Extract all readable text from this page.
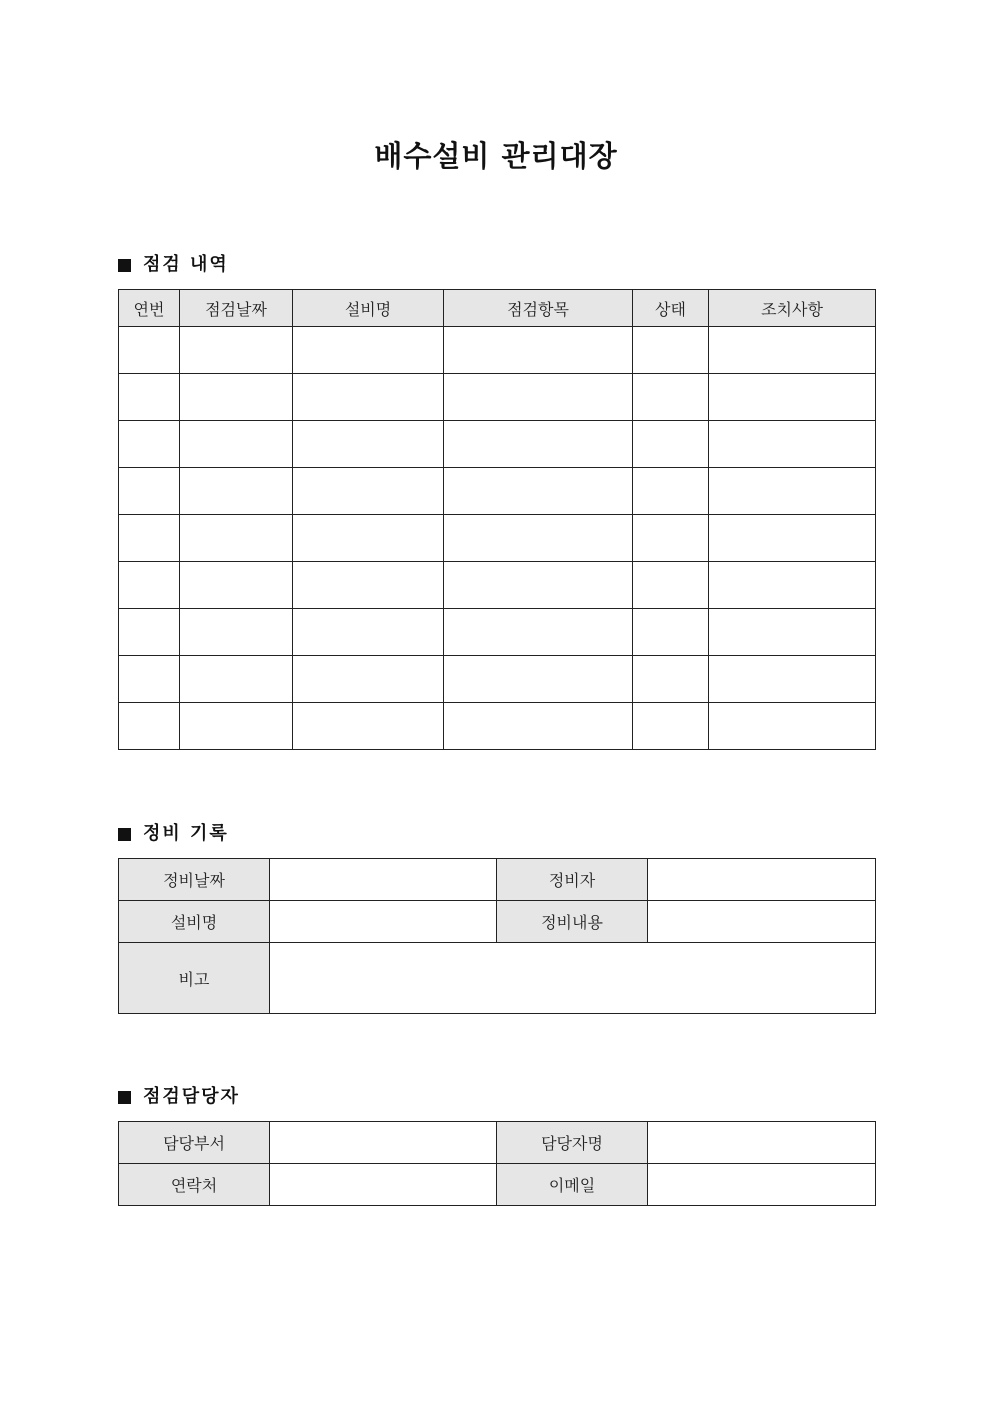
배수설비 관리대장
점검 내역
연번	점검날짜	설비명	점검항목	상태	조치사항

정비 기록
정비날짜		정비자	
설비명		정비내용	
비고			
점검담당자
담당부서		담당자명	
연락처		이메일	
